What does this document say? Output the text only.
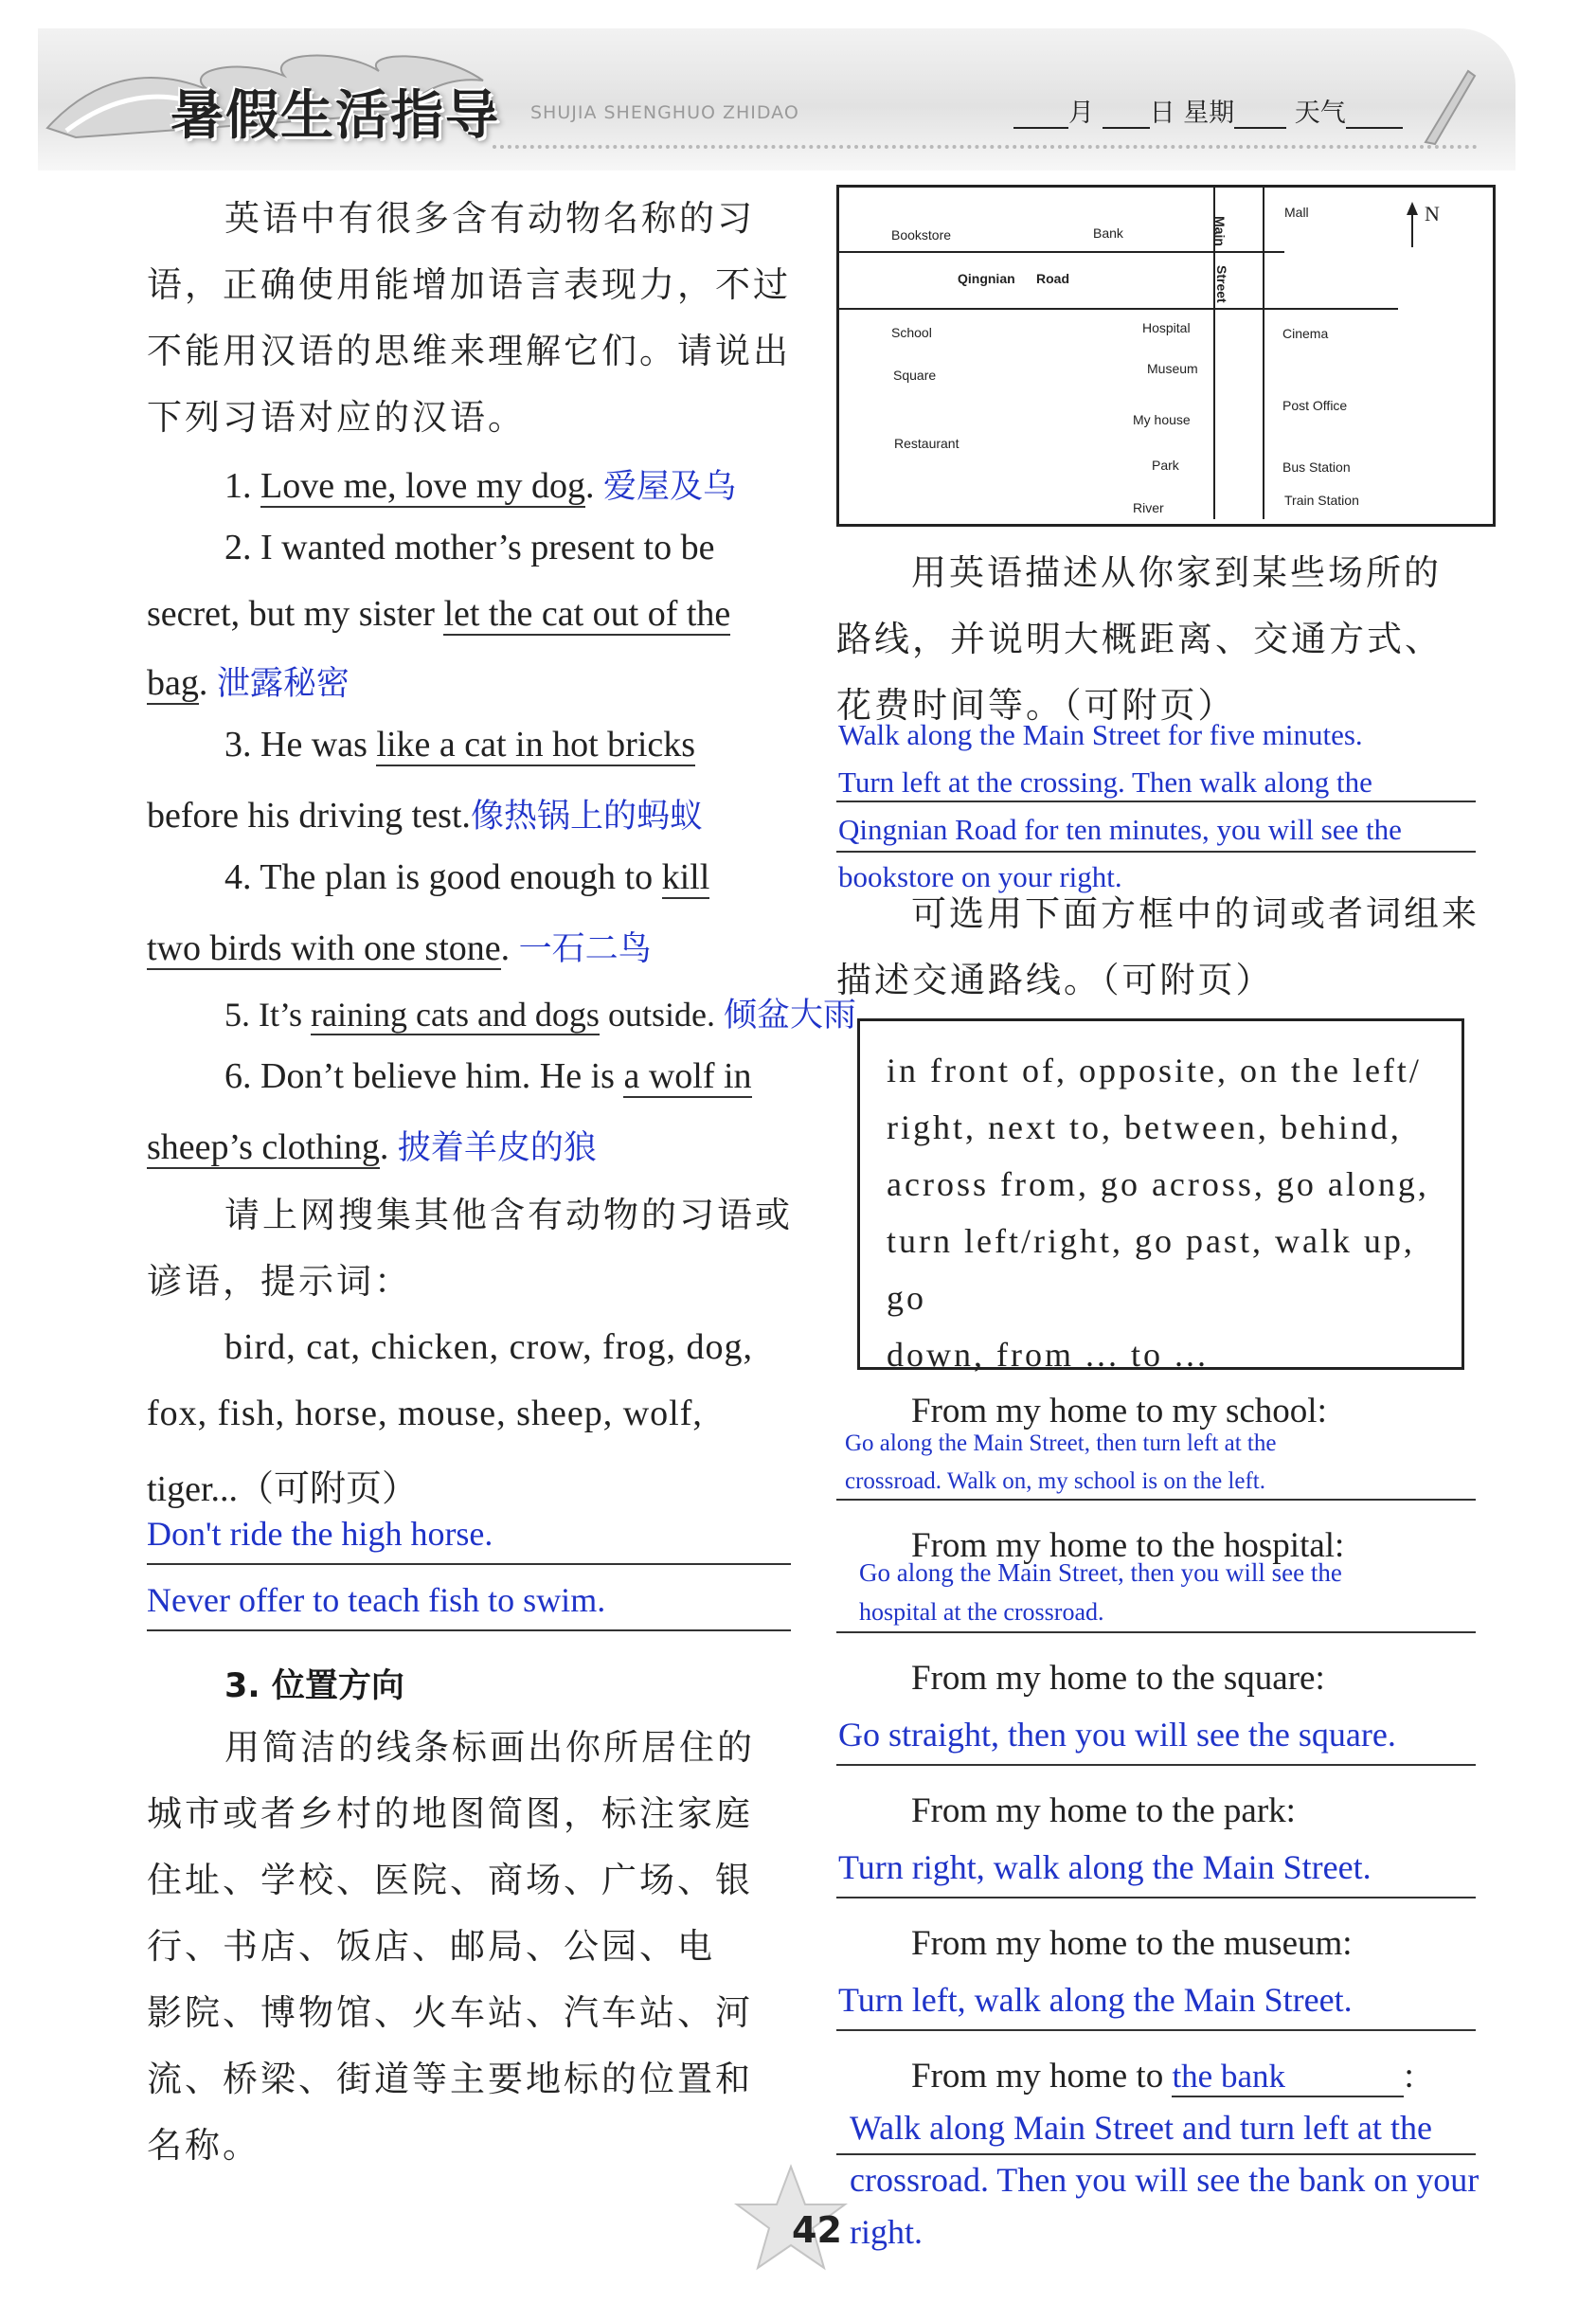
暑假生活指导 SHUJIA SHENGHUO ZHIDAO	月 日 星期 天气
英语中有很多含有动物名称的习
语，正确使用能增加语言表现力，不过
不能用汉语的思维来理解它们。请说出
下列习语对应的汉语。
1. Love me, love my dog. 爱屋及乌
2. I wanted mother’s present to be
secret, but my sister let the cat out of the
bag. 泄露秘密
3. He was like a cat in hot bricks
before his driving test.像热锅上的蚂蚁
4. The plan is good enough to kill
two birds with one stone. 一石二鸟
5. It’s raining cats and dogs outside. 倾盆大雨
6. Don’t believe him. He is a wolf in
sheep’s clothing. 披着羊皮的狼
请上网搜集其他含有动物的习语或
谚语，提示词：
bird, cat, chicken, crow, frog, dog,
fox, fish, horse, mouse, sheep, wolf,
tiger...（可附页）
Don't ride the high horse.
Never offer to teach fish to swim.
3. 位置方向
用简洁的线条标画出你所居住的
城市或者乡村的地图简图，标注家庭
住址、学校、医院、商场、广场、银
行、书店、饭店、邮局、公园、电
影院、博物馆、火车站、汽车站、河
流、桥梁、街道等主要地标的位置和
名称。
Bookstore	Bank
Qingnian Road
Main
Street
Mall	N
School	Hospital
Museum
Square
My house
Restaurant
Park
River
Cinema
Post Office
Bus Station
Train Station
用英语描述从你家到某些场所的
路线，并说明大概距离、交通方式、
花费时间等。（可附页）
Walk along the Main Street for five minutes.
Turn left at the crossing. Then walk along the
Qingnian Road for ten minutes, you will see the
bookstore on your right.
可选用下面方框中的词或者词组来
描述交通路线。（可附页）
in front of, opposite, on the left/
right, next to, between, behind,
across from, go across, go along,
turn left/right, go past, walk up, go
down, from ... to ...
From my home to my school:
Go along the Main Street, then turn left at the
crossroad. Walk on, my school is on the left.
From my home to the hospital:
Go along the Main Street, then you will see the
hospital at the crossroad.
From my home to the square:
Go straight, then you will see the square.
From my home to the park:
Turn right, walk along the Main Street.
From my home to the museum:
Turn left, walk along the Main Street.
From my home to the bank	:
Walk along Main Street and turn left at the
crossroad. Then you will see the bank on your
right.
42
